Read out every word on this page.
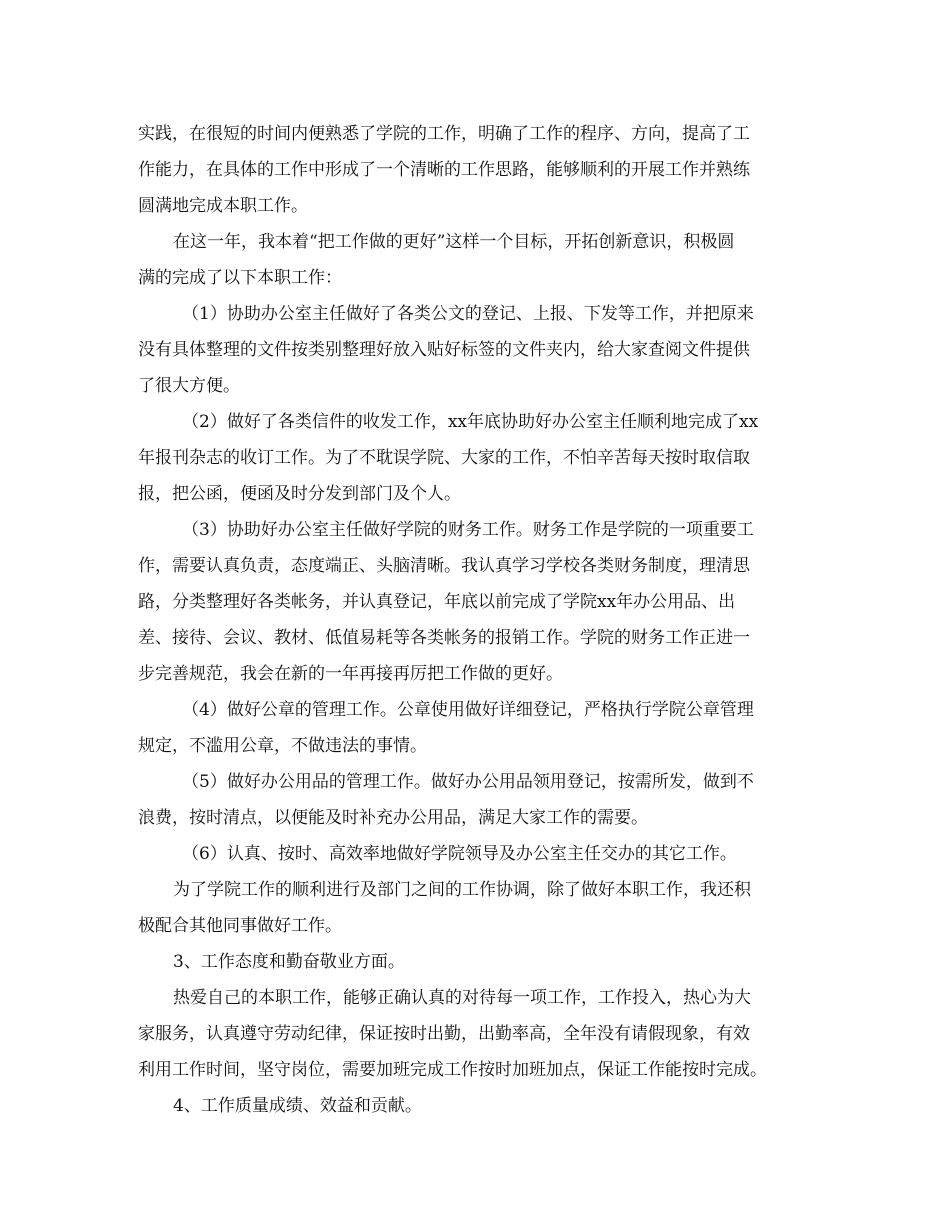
实践，在很短的时间内便熟悉了学院的工作，明确了工作的程序、方向，提高了工
作能力，在具体的工作中形成了一个清晰的工作思路，能够顺利的开展工作并熟练
圆满地完成本职工作。
在这一年，我本着“把工作做的更好”这样一个目标，开拓创新意识，积极圆
满的完成了以下本职工作：
（1）协助办公室主任做好了各类公文的登记、上报、下发等工作，并把原来
没有具体整理的文件按类别整理好放入贴好标签的文件夹内，给大家查阅文件提供
了很大方便。
（2）做好了各类信件的收发工作，xx年底协助好办公室主任顺利地完成了xx
年报刊杂志的收订工作。为了不耽误学院、大家的工作，不怕辛苦每天按时取信取
报，把公函，便函及时分发到部门及个人。
（3）协助好办公室主任做好学院的财务工作。财务工作是学院的一项重要工
作，需要认真负责，态度端正、头脑清晰。我认真学习学校各类财务制度，理清思
路，分类整理好各类帐务，并认真登记，年底以前完成了学院xx年办公用品、出
差、接待、会议、教材、低值易耗等各类帐务的报销工作。学院的财务工作正进一
步完善规范，我会在新的一年再接再厉把工作做的更好。
（4）做好公章的管理工作。公章使用做好详细登记，严格执行学院公章管理
规定，不滥用公章，不做违法的事情。
（5）做好办公用品的管理工作。做好办公用品领用登记，按需所发，做到不
浪费，按时清点，以便能及时补充办公用品，满足大家工作的需要。
（6）认真、按时、高效率地做好学院领导及办公室主任交办的其它工作。
为了学院工作的顺利进行及部门之间的工作协调，除了做好本职工作，我还积
极配合其他同事做好工作。
3、工作态度和勤奋敬业方面。
热爱自己的本职工作，能够正确认真的对待每一项工作，工作投入，热心为大
家服务，认真遵守劳动纪律，保证按时出勤，出勤率高，全年没有请假现象，有效
利用工作时间，坚守岗位，需要加班完成工作按时加班加点，保证工作能按时完成。
4、工作质量成绩、效益和贡献。
